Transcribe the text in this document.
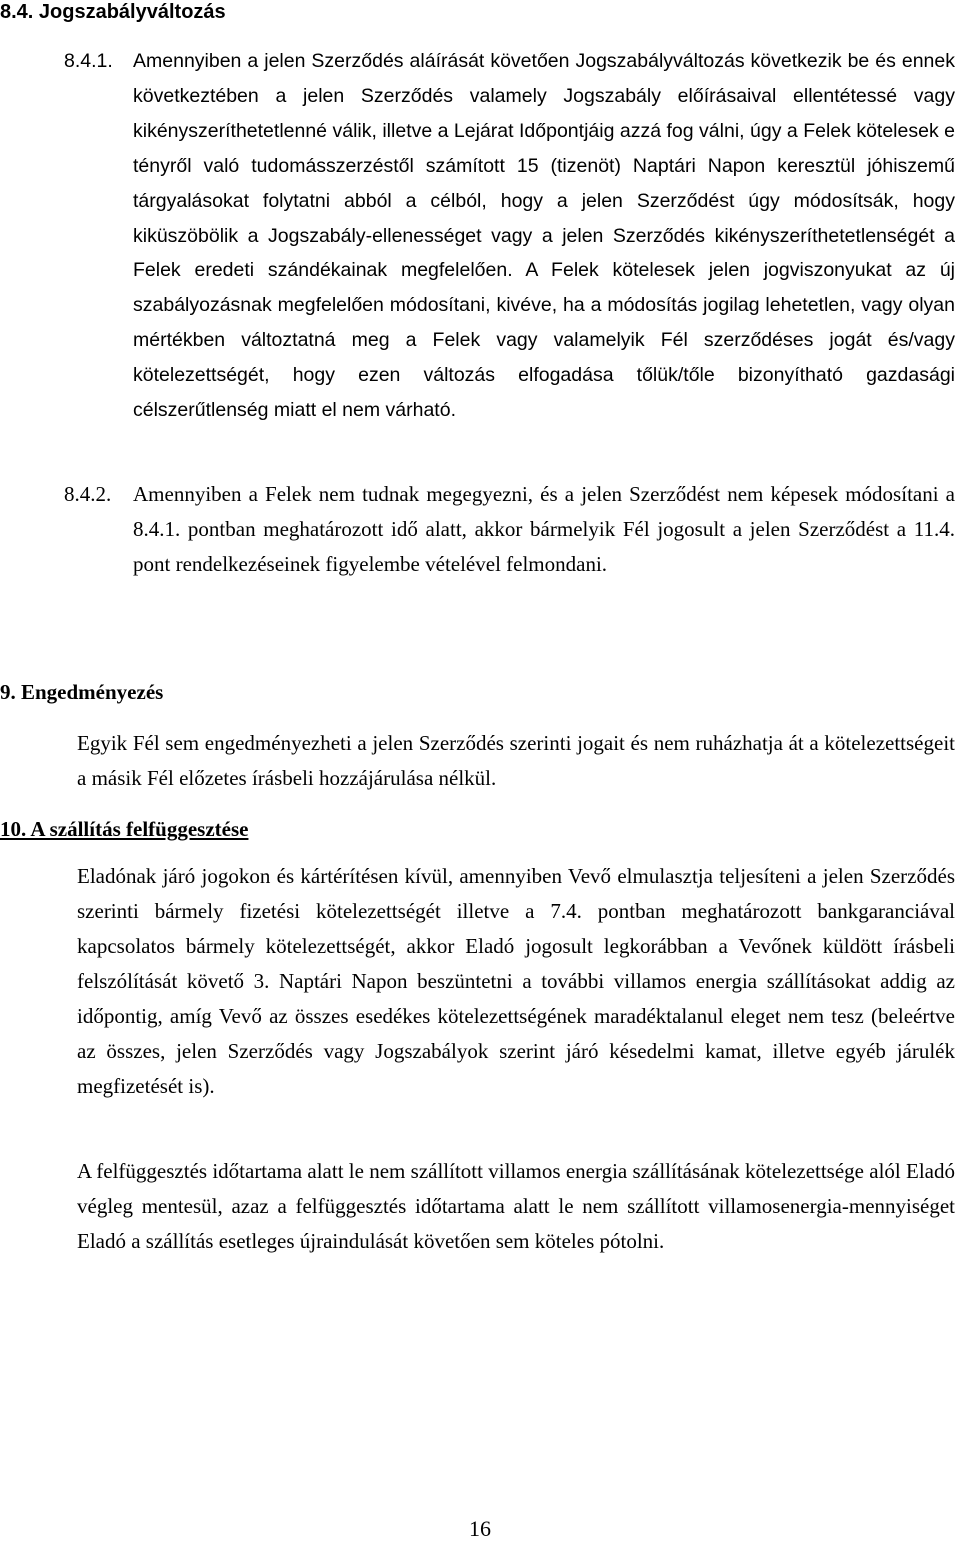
8.4. Jogszabályváltozás
8.4.1. Amennyiben a jelen Szerződés aláírását követően Jogszabályváltozás következik be és ennek következtében a jelen Szerződés valamely Jogszabály előírásaival ellentétessé vagy kikényszeríthetetlenné válik, illetve a Lejárat Időpontjáig azzá fog válni, úgy a Felek kötelesek e tényről való tudomásszerzéstől számított 15 (tizenöt) Naptári Napon keresztül jóhiszemű tárgyalásokat folytatni abból a célból, hogy a jelen Szerződést úgy módosítsák, hogy kiküszöbölik a Jogszabály-ellenességet vagy a jelen Szerződés kikényszeríthetetlenségét a Felek eredeti szándékainak megfelelően. A Felek kötelesek jelen jogviszonyukat az új szabályozásnak megfelelően módosítani, kivéve, ha a módosítás jogilag lehetetlen, vagy olyan mértékben változtatná meg a Felek vagy valamelyik Fél szerződéses jogát és/vagy kötelezettségét, hogy ezen változás elfogadása tőlük/tőle bizonyítható gazdasági célszerűtlenség miatt el nem várható.

8.4.2. Amennyiben a Felek nem tudnak megegyezni, és a jelen Szerződést nem képesek módosítani a 8.4.1. pontban meghatározott idő alatt, akkor bármelyik Fél jogosult a jelen Szerződést a 11.4. pont rendelkezéseinek figyelembe vételével felmondani.

9. Engedményezés

Egyik Fél sem engedményezheti a jelen Szerződés szerinti jogait és nem ruházhatja át a kötelezettségeit a másik Fél előzetes írásbeli hozzájárulása nélkül.

10. A szállítás felfüggesztése

Eladónak járó jogokon és kártérítésen kívül, amennyiben Vevő elmulasztja teljesíteni a jelen Szerződés szerinti bármely fizetési kötelezettségét illetve a 7.4. pontban meghatározott bankgaranciával kapcsolatos bármely kötelezettségét, akkor Eladó jogosult legkorábban a Vevőnek küldött írásbeli felszólítását követő 3. Naptári Napon beszüntetni a további villamos energia szállításokat addig az időpontig, amíg Vevő az összes esedékes kötelezettségének maradéktalanul eleget nem tesz (beleértve az összes, jelen Szerződés vagy Jogszabályok szerint járó késedelmi kamat, illetve egyéb járulék megfizetését is).

A felfüggesztés időtartama alatt le nem szállított villamos energia szállításának kötelezettsége alól Eladó végleg mentesül, azaz a felfüggesztés időtartama alatt le nem szállított villamosenergia-mennyiséget Eladó a szállítás esetleges újraindulását követően sem köteles pótolni.

16
